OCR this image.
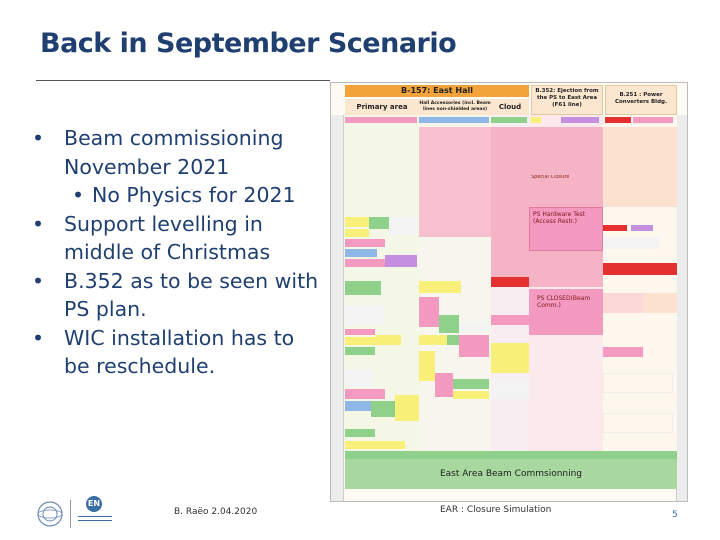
Back in September Scenario
• Beam commissioning November 2021
• No Physics for 2021
• Support levelling in middle of Christmas
• B.352 as to be seen with PS plan.
• WIC installation has to be reschedule.
B-157: East Hall	B.352: Ejection from the PS to East Area (F61 line)
B.251 : Power Converters Bldg.
Primary area	Hall Accessories (incl. Beam lines non-shielded areas)	Cloud
Special Closure
PS Hardware Test (Access Restr.)
PS CLOSED(Beam Comm.)
East Area Beam Commsionning
EN
B. Raëo 2.04.2020	EAR : Closure Simulation	5
